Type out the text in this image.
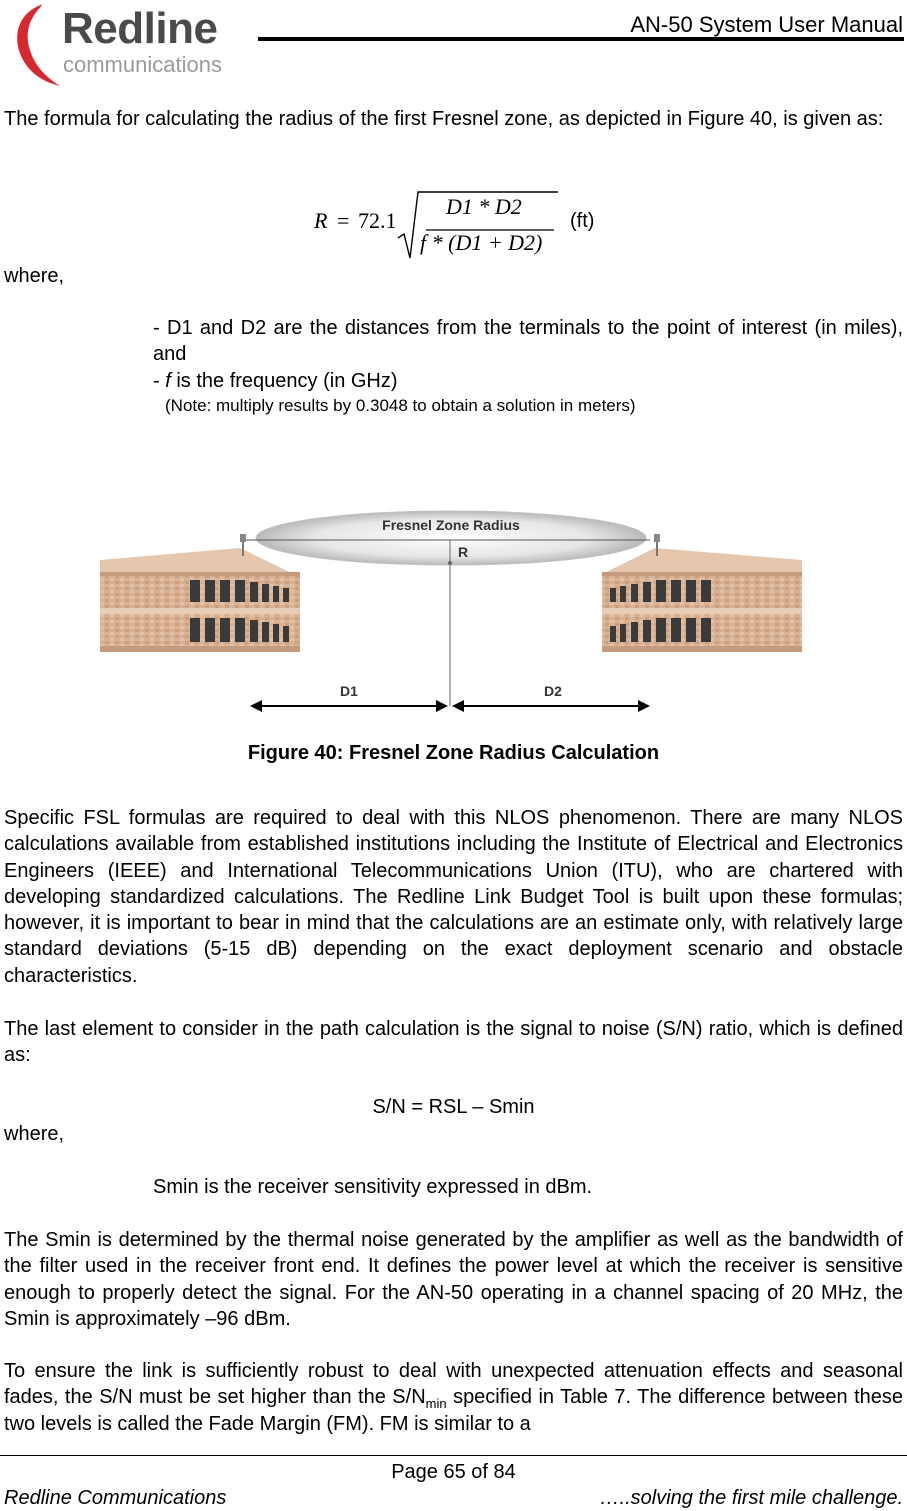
Redline
communications
AN-50 System User Manual

The formula for calculating the radius of the first Fresnel zone, as depicted in Figure 40, is given as:

R = 72.1
D1 * D2
f * (D1 + D2)
(ft)

where,

- D1 and D2 are the distances from the terminals to the point of interest (in miles), and

- f is the frequency (in GHz)

(Note: multiply results by 0.3048 to obtain a solution in meters)

Fresnel Zone Radius
R
D1	D2

Figure 40: Fresnel Zone Radius Calculation

Specific FSL formulas are required to deal with this NLOS phenomenon. There are many NLOS calculations available from established institutions including the Institute of Electrical and Electronics Engineers (IEEE) and International Telecommunications Union (ITU), who are chartered with developing standardized calculations. The Redline Link Budget Tool is built upon these formulas; however, it is important to bear in mind that the calculations are an estimate only, with relatively large standard deviations (5-15 dB) depending on the exact deployment scenario and obstacle characteristics.

The last element to consider in the path calculation is the signal to noise (S/N) ratio, which is defined as:

S/N = RSL – Smin

where,

Smin is the receiver sensitivity expressed in dBm.

The Smin is determined by the thermal noise generated by the amplifier as well as the bandwidth of the filter used in the receiver front end. It defines the power level at which the receiver is sensitive enough to properly detect the signal. For the AN-50 operating in a channel spacing of 20 MHz, the Smin is approximately –96 dBm.

To ensure the link is sufficiently robust to deal with unexpected attenuation effects and seasonal fades, the S/N must be set higher than the $S/N_{min}$ specified in Table 7. The difference between these two levels is called the Fade Margin (FM). FM is similar to a

Page 65 of 84

Redline Communications	…..solving the first mile challenge.
